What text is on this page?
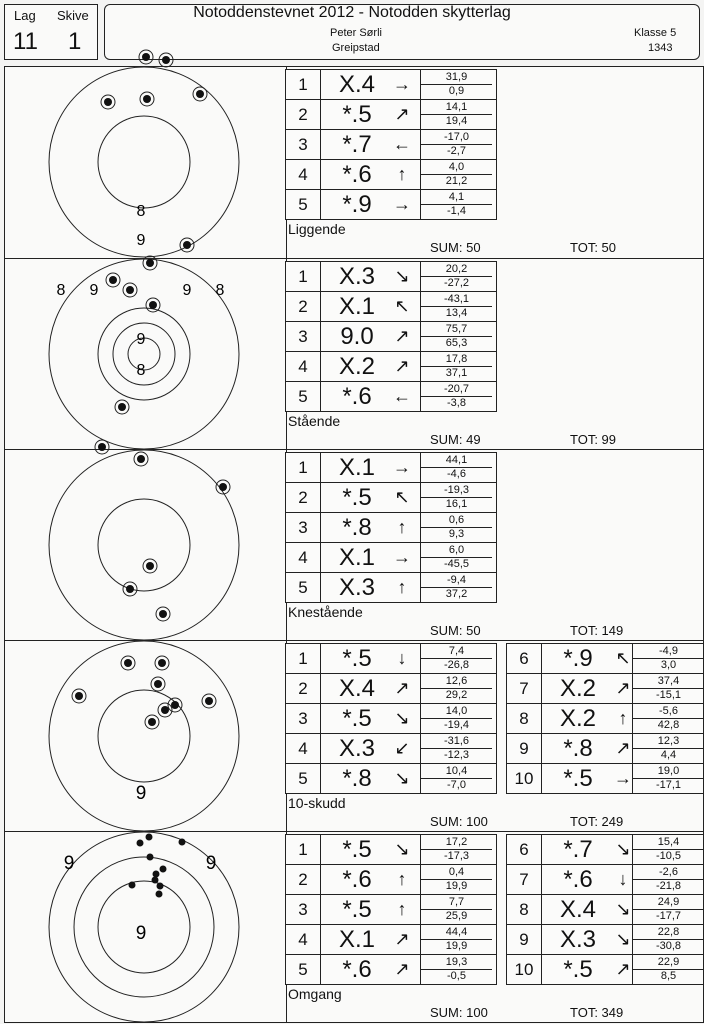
Lag Skive
11 1
Notoddenstevnet 2012 - Notodden skytterlag
Peter Sørli
Greipstad
Klasse 5
1343
1	X.4 →	31,9
0,9
2	*.5	↗	14,1
19,4
3	*.7	←	-17,0
-2,7
4	*.6	↑	4,0
21,2
5	*.9	→	4,1
-1,4
Liggende
SUM: 50	TOT: 50
8
9
8 9	9 8
9
8
1	X.3	↘	20,2
-27,2
2	X.1	↖	-43,1
13,4
3	9.0	↗	75,7
65,3
4	X.2	↗	17,8
37,1
5	*.6	←	-20,7
-3,8
Stående
SUM: 49	TOT: 99
1	X.1 →	44,1
-4,6
2	*.5	↖	-19,3
16,1
3	*.8	↑	0,6
9,3
4	X.1 →	6,0
-45,5
5	X.3	↑	-9,4
37,2
Knestående
SUM: 50	TOT: 149
1	*.5	↓	7,4
-26,8
2	X.4	↗	12,6
29,2
3	*.5	↘	14,0
-19,4
4	X.3	↙	-31,6
-12,3
5	*.8	↘	10,4
-7,0
6	*.9	↖	-4,9
3,0
7	X.2	↗	37,4
-15,1
8	X.2	↑	-5,6
42,8
9	*.8	↗	12,3
4,4
10	*.5	→	19,0
-17,1
10-skudd
SUM: 100	TOT: 249
9
9	9
9
1	*.5	↘	17,2
-17,3
2	*.6	↑	0,4
19,9
3	*.5	↑	7,7
25,9
4	X.1	↗	44,4
19,9
5	*.6	↗	19,3
-0,5
6	*.7	↘	15,4
-10,5
7	*.6	↓	-2,6
-21,8
8	X.4	↘	24,9
-17,7
9	X.3	↘	22,8
-30,8
10	*.5	↗	22,9
8,5
Omgang
SUM: 100	TOT: 349
